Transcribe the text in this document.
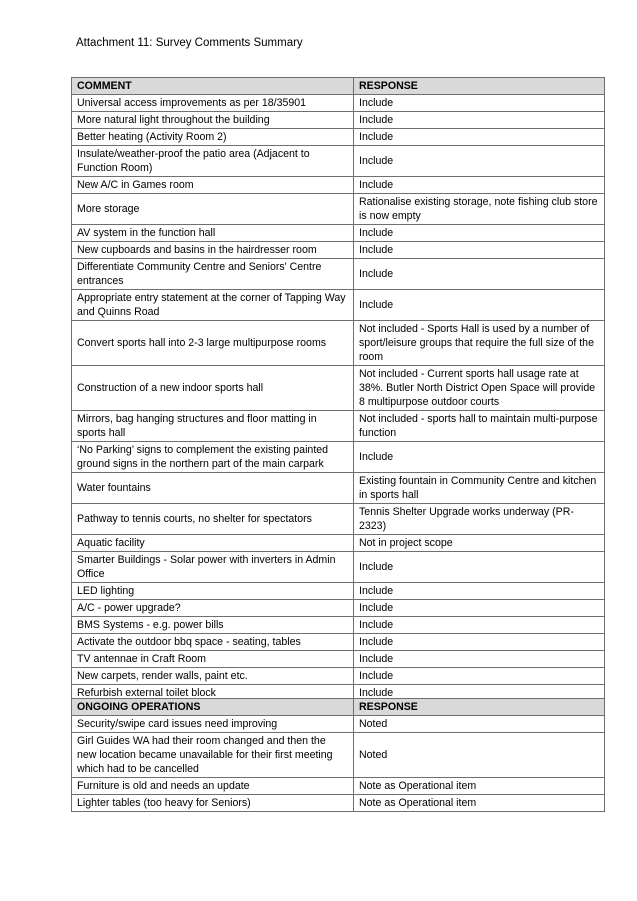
Attachment 11: Survey Comments Summary
COMMENT	RESPONSE
Universal access improvements as per 18/35901	Include
More natural light throughout the building	Include
Better heating (Activity Room 2)	Include
Insulate/weather-proof the patio area (Adjacent to Function Room)	Include
New A/C in Games room	Include
More storage	Rationalise existing storage, note fishing club store is now empty
AV system in the function hall	Include
New cupboards and basins in the hairdresser room	Include
Differentiate Community Centre and Seniors' Centre entrances	Include
Appropriate entry statement at the corner of Tapping Way and Quinns Road	Include
Convert sports hall into 2-3 large multipurpose rooms	Not included - Sports Hall is used by a number of sport/leisure groups that require the full size of the room
Construction of a new indoor sports hall	Not included - Current sports hall usage rate at 38%. Butler North District Open Space will provide 8 multipurpose outdoor courts
Mirrors, bag hanging structures and floor matting in sports hall	Not included - sports hall to maintain multi-purpose function
‘No Parking’ signs to complement the existing painted ground signs in the northern part of the main carpark	Include
Water fountains	Existing fountain in Community Centre and kitchen in sports hall
Pathway to tennis courts, no shelter for spectators	Tennis Shelter Upgrade works underway (PR-2323)
Aquatic facility	Not in project scope
Smarter Buildings - Solar power with inverters in Admin Office	Include
LED lighting	Include
A/C - power upgrade?	Include
BMS Systems - e.g. power bills	Include
Activate the outdoor bbq space - seating, tables	Include
TV antennae in Craft Room	Include
New carpets, render walls, paint etc.	Include
Refurbish external toilet block	Include
ONGOING OPERATIONS	RESPONSE
Security/swipe card issues need improving	Noted
Girl Guides WA had their room changed and then the new location became unavailable for their first meeting which had to be cancelled	Noted
Furniture is old and needs an update	Note as Operational item
Lighter tables (too heavy for Seniors)	Note as Operational item
